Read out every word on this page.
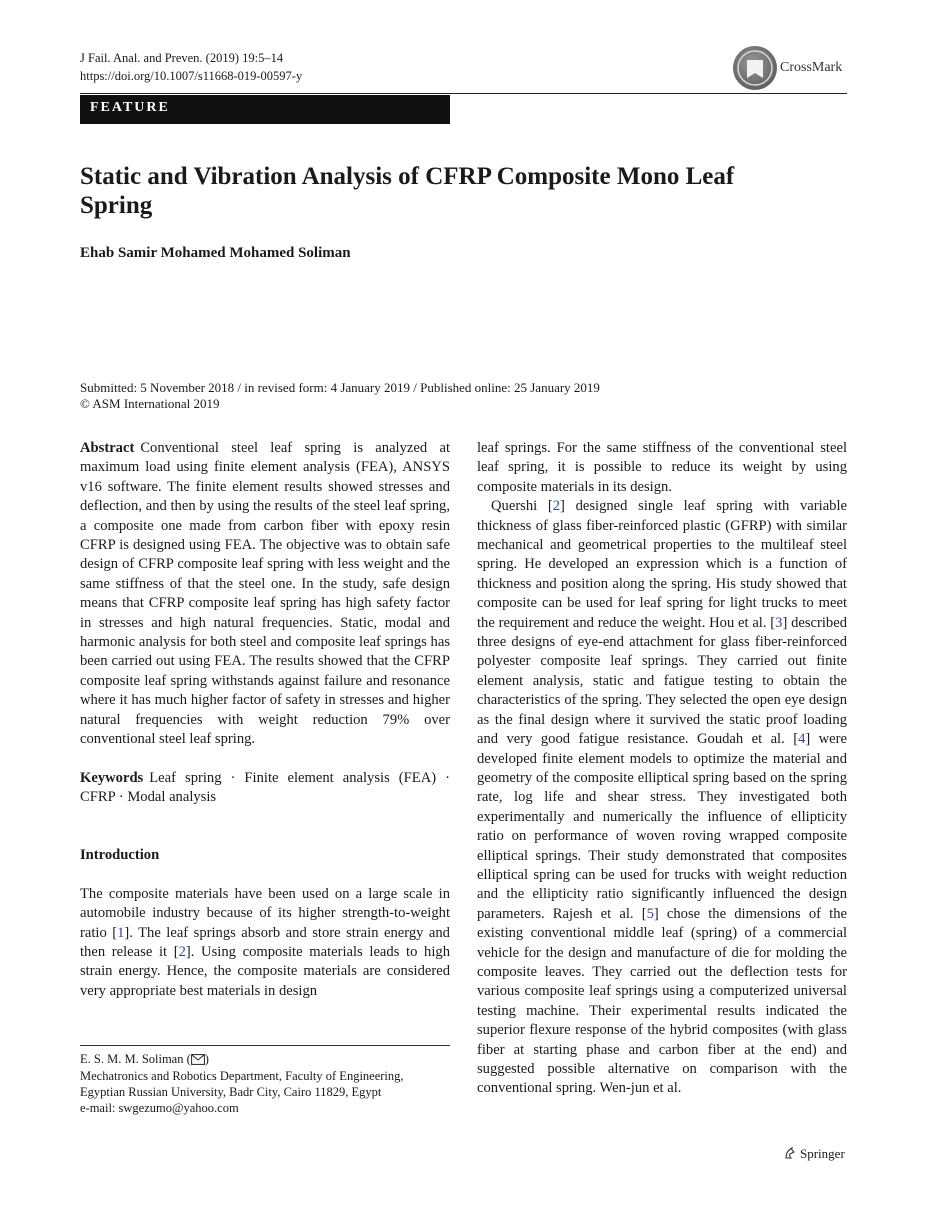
J Fail. Anal. and Preven. (2019) 19:5–14
https://doi.org/10.1007/s11668-019-00597-y
CrossMark
FEATURE
Static and Vibration Analysis of CFRP Composite Mono Leaf Spring
Ehab Samir Mohamed Mohamed Soliman
Submitted: 5 November 2018 / in revised form: 4 January 2019 / Published online: 25 January 2019
© ASM International 2019

Abstract Conventional steel leaf spring is analyzed at maximum load using finite element analysis (FEA), ANSYS v16 software. The finite element results showed stresses and deflection, and then by using the results of the steel leaf spring, a composite one made from carbon fiber with epoxy resin CFRP is designed using FEA. The objective was to obtain safe design of CFRP composite leaf spring with less weight and the same stiffness of that the steel one. In the study, safe design means that CFRP composite leaf spring has high safety factor in stresses and high natural frequencies. Static, modal and harmonic analysis for both steel and composite leaf springs has been carried out using FEA. The results showed that the CFRP composite leaf spring withstands against failure and resonance where it has much higher factor of safety in stresses and higher natural frequencies with weight reduction 79% over conventional steel leaf spring.

Keywords Leaf spring · Finite element analysis (FEA) · CFRP · Modal analysis

Introduction

The composite materials have been used on a large scale in automobile industry because of its higher strength-to-weight ratio [1]. The leaf springs absorb and store strain energy and then release it [2]. Using composite materials leads to high strain energy. Hence, the composite materials are considered very appropriate best materials in design

leaf springs. For the same stiffness of the conventional steel leaf spring, it is possible to reduce its weight by using composite materials in its design.

Quershi [2] designed single leaf spring with variable thickness of glass fiber-reinforced plastic (GFRP) with similar mechanical and geometrical properties to the multileaf steel spring. He developed an expression which is a function of thickness and position along the spring. His study showed that composite can be used for leaf spring for light trucks to meet the requirement and reduce the weight. Hou et al. [3] described three designs of eye-end attachment for glass fiber-reinforced polyester composite leaf springs. They carried out finite element analysis, static and fatigue testing to obtain the characteristics of the spring. They selected the open eye design as the final design where it survived the static proof loading and very good fatigue resistance. Goudah et al. [4] were developed finite element models to optimize the material and geometry of the composite elliptical spring based on the spring rate, log life and shear stress. They investigated both experimentally and numerically the influence of ellipticity ratio on performance of woven roving wrapped composite elliptical springs. Their study demonstrated that composites elliptical spring can be used for trucks with weight reduction and the ellipticity ratio significantly influenced the design parameters. Rajesh et al. [5] chose the dimensions of the existing conventional middle leaf (spring) of a commercial vehicle for the design and manufacture of die for molding the composite leaves. They carried out the deflection tests for various composite leaf springs using a computerized universal testing machine. Their experimental results indicated the superior flexure response of the hybrid composites (with glass fiber at starting phase and carbon fiber at the end) and suggested possible alternative on comparison with the conventional spring. Wen-jun et al.

E. S. M. M. Soliman ( )
Mechatronics and Robotics Department, Faculty of Engineering,
Egyptian Russian University, Badr City, Cairo 11829, Egypt
e-mail: swgezumo@yahoo.com
Springer
